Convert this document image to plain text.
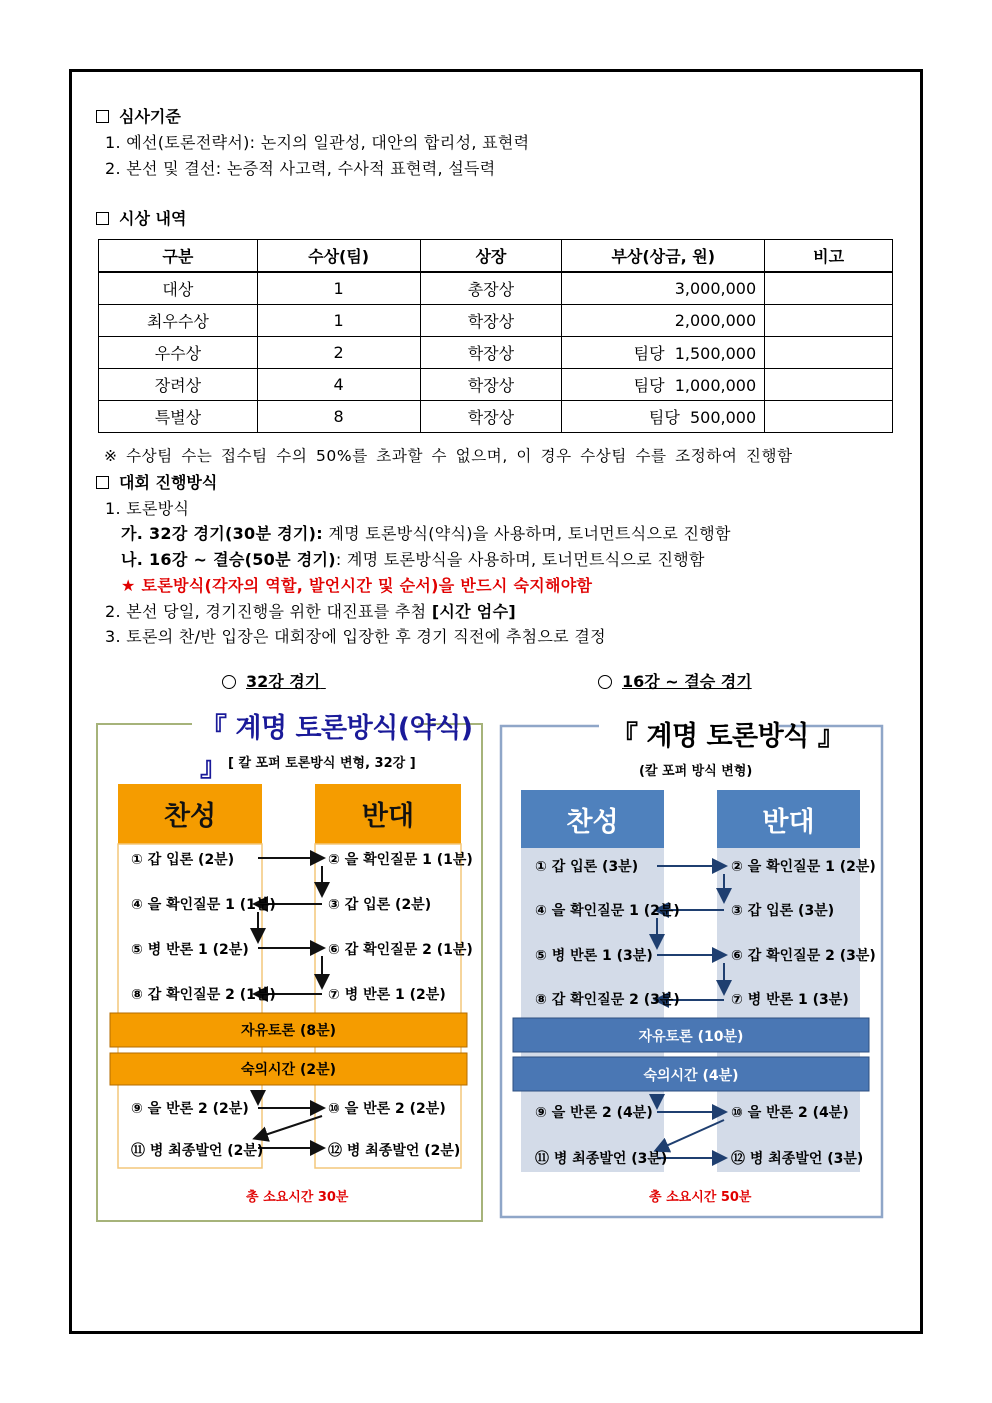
심사기준
1. 예선(토론전략서): 논지의 일관성, 대안의 합리성, 표현력
2. 본선 및 결선: 논증적 사고력, 수사적 표현력, 설득력
시상 내역
구분	수상(팀)	상장	부상(상금, 원)	비고
대상	1	총장상	3,000,000	
최우수상	1	학장상	2,000,000	
우수상	2	학장상	팀당  1,500,000	
장려상	4	학장상	팀당  1,000,000	
특별상	8	학장상	팀당  500,000	
※ 수상팀 수는 접수팀 수의 50%를 초과할 수 없으며, 이 경우 수상팀 수를 조정하여 진행함
대회 진행방식
1. 토론방식
가. 32강 경기(30분 경기): 계명 토론방식(약식)을 사용하며, 토너먼트식으로 진행함
나. 16강 ~ 결승(50분 경기): 계명 토론방식을 사용하며, 토너먼트식으로 진행함
★ 토론방식(각자의 역할, 발언시간 및 순서)을 반드시 숙지해야함
2. 본선 당일, 경기진행을 위한 대진표를 추첨 [시간 엄수]
3. 토론의 찬/반 입장은 대회장에 입장한 후 경기 직전에 추첨으로 결정
32강 경기	16강 ~ 결승 경기
『 계명 토론방식(약식) 』 [ 칼 포퍼 토론방식 변형, 32강 ]
찬성	반대
① 갑 입론 (2분)	② 을 확인질문 1 (1분)
③ 갑 입론 (2분)
④ 을 확인질문 1 (1분)
⑤ 병 반론 1 (2분)	⑥ 갑 확인질문 2 (1분)
⑦ 병 반론 1 (2분)
⑧ 갑 확인질문 2 (1분)
자유토론 (8분)
숙의시간 (2분)
⑨ 을 반론 2 (2분)	⑩ 을 반론 2 (2분)
⑪ 병 최종발언 (2분)	⑫ 병 최종발언 (2분)
총 소요시간 30분
『 계명 토론방식 』
(칼 포퍼 방식 변형)
찬성	반대
① 갑 입론 (3분)	② 을 확인질문 1 (2분)
③ 갑 입론 (3분)
④ 을 확인질문 1 (2분)
⑤ 병 반론 1 (3분)	⑥ 갑 확인질문 2 (3분)
⑦ 병 반론 1 (3분)
⑧ 갑 확인질문 2 (3분)
자유토론 (10분)
숙의시간 (4분)
⑨ 을 반론 2 (4분)	⑩ 을 반론 2 (4분)
⑪ 병 최종발언 (3분)	⑫ 병 최종발언 (3분)
총 소요시간 50분
